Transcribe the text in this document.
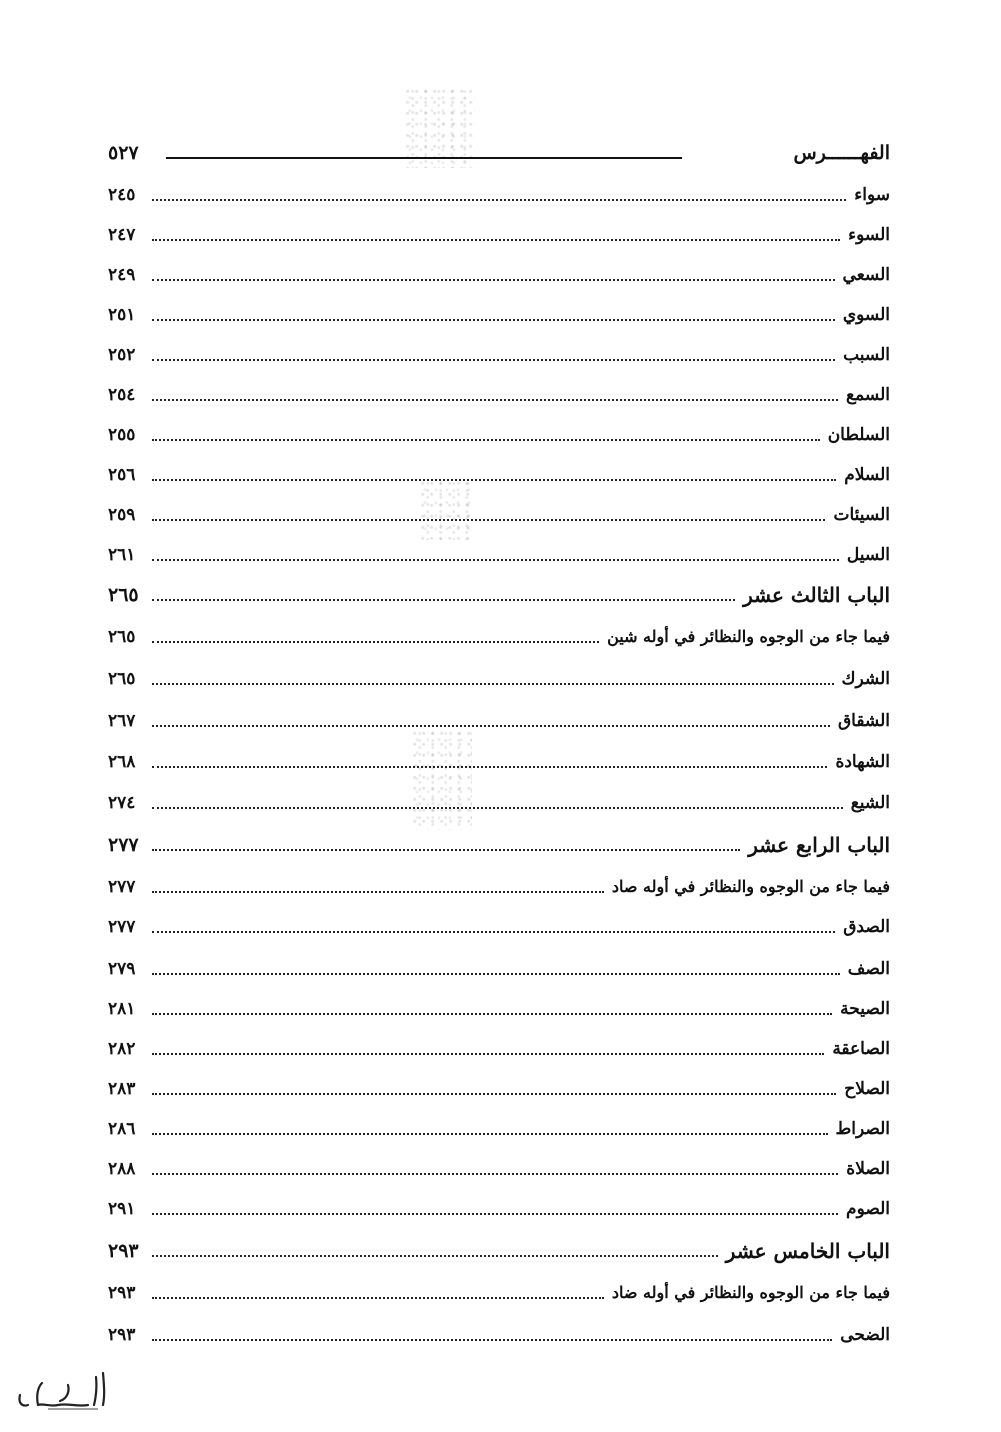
الفهــــــرس
٥٢٧
سواء
٢٤٥
السوء
٢٤٧
السعي
٢٤٩
السوي
٢٥١
السبب
٢٥٢
السمع
٢٥٤
السلطان
٢٥٥
السلام
٢٥٦
السيئات
٢٥٩
السيل
٢٦١
الباب الثالث عشر
٢٦٥
فيما جاء من الوجوه والنظائر في أوله شين
٢٦٥
الشرك
٢٦٥
الشقاق
٢٦٧
الشهادة
٢٦٨
الشيع
٢٧٤
الباب الرابع عشر
٢٧٧
فيما جاء من الوجوه والنظائر في أوله صاد
٢٧٧
الصدق
٢٧٧
الصف
٢٧٩
الصيحة
٢٨١
الصاعقة
٢٨٢
الصلاح
٢٨٣
الصراط
٢٨٦
الصلاة
٢٨٨
الصوم
٢٩١
الباب الخامس عشر
٢٩٣
فيما جاء من الوجوه والنظائر في أوله ضاد
٢٩٣
الضحى
٢٩٣
